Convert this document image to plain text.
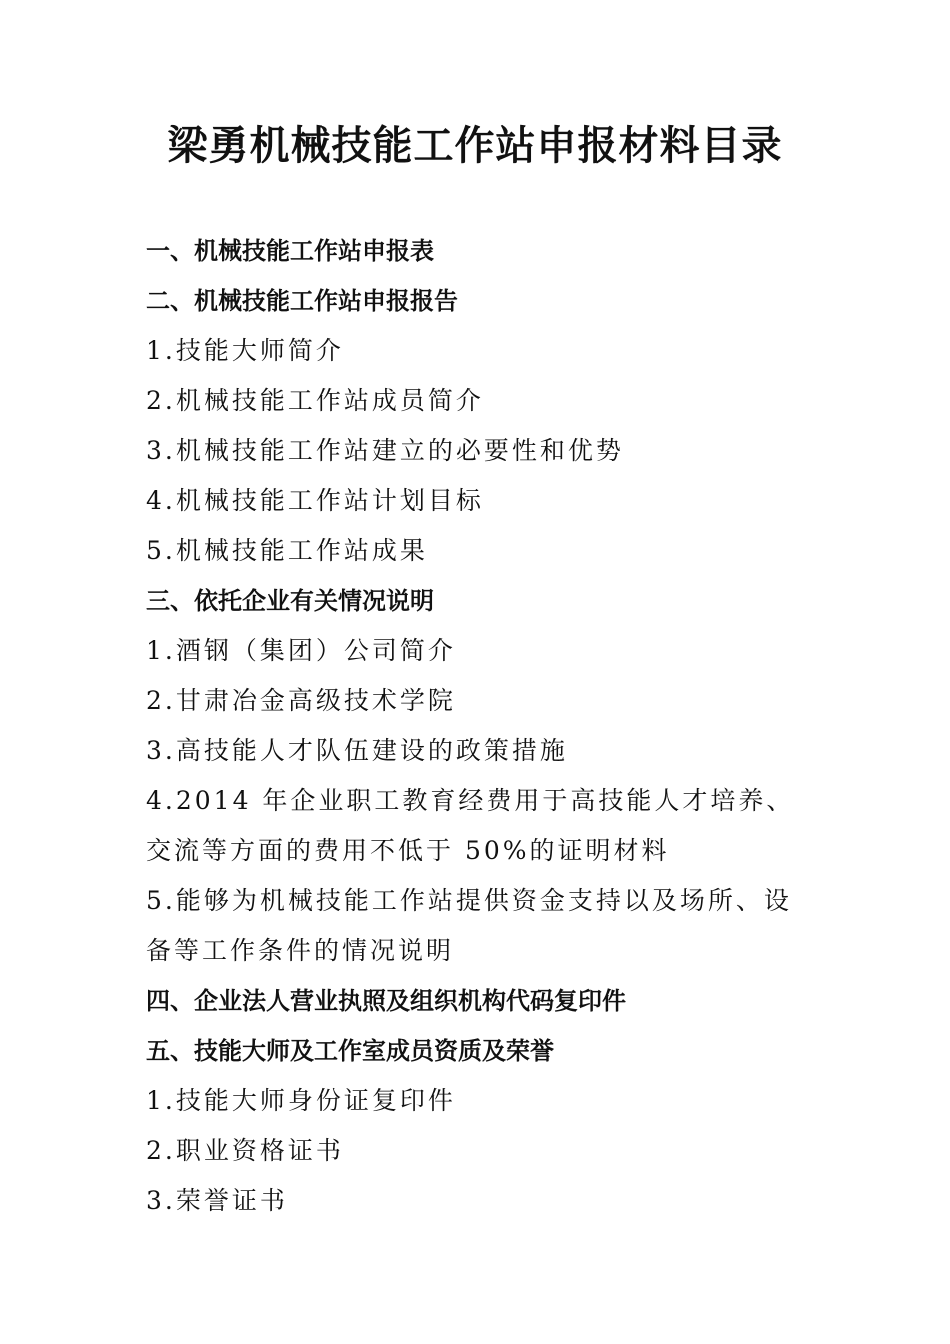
梁勇机械技能工作站申报材料目录
一、机械技能工作站申报表
二、机械技能工作站申报报告
1.技能大师简介
2.机械技能工作站成员简介
3.机械技能工作站建立的必要性和优势
4.机械技能工作站计划目标
5.机械技能工作站成果
三、依托企业有关情况说明
1.酒钢（集团）公司简介
2.甘肃冶金高级技术学院
3.高技能人才队伍建设的政策措施
4.2014 年企业职工教育经费用于高技能人才培养、
交流等方面的费用不低于 50%的证明材料
5.能够为机械技能工作站提供资金支持以及场所、设
备等工作条件的情况说明
四、企业法人营业执照及组织机构代码复印件
五、技能大师及工作室成员资质及荣誉
1.技能大师身份证复印件
2.职业资格证书
3.荣誉证书
